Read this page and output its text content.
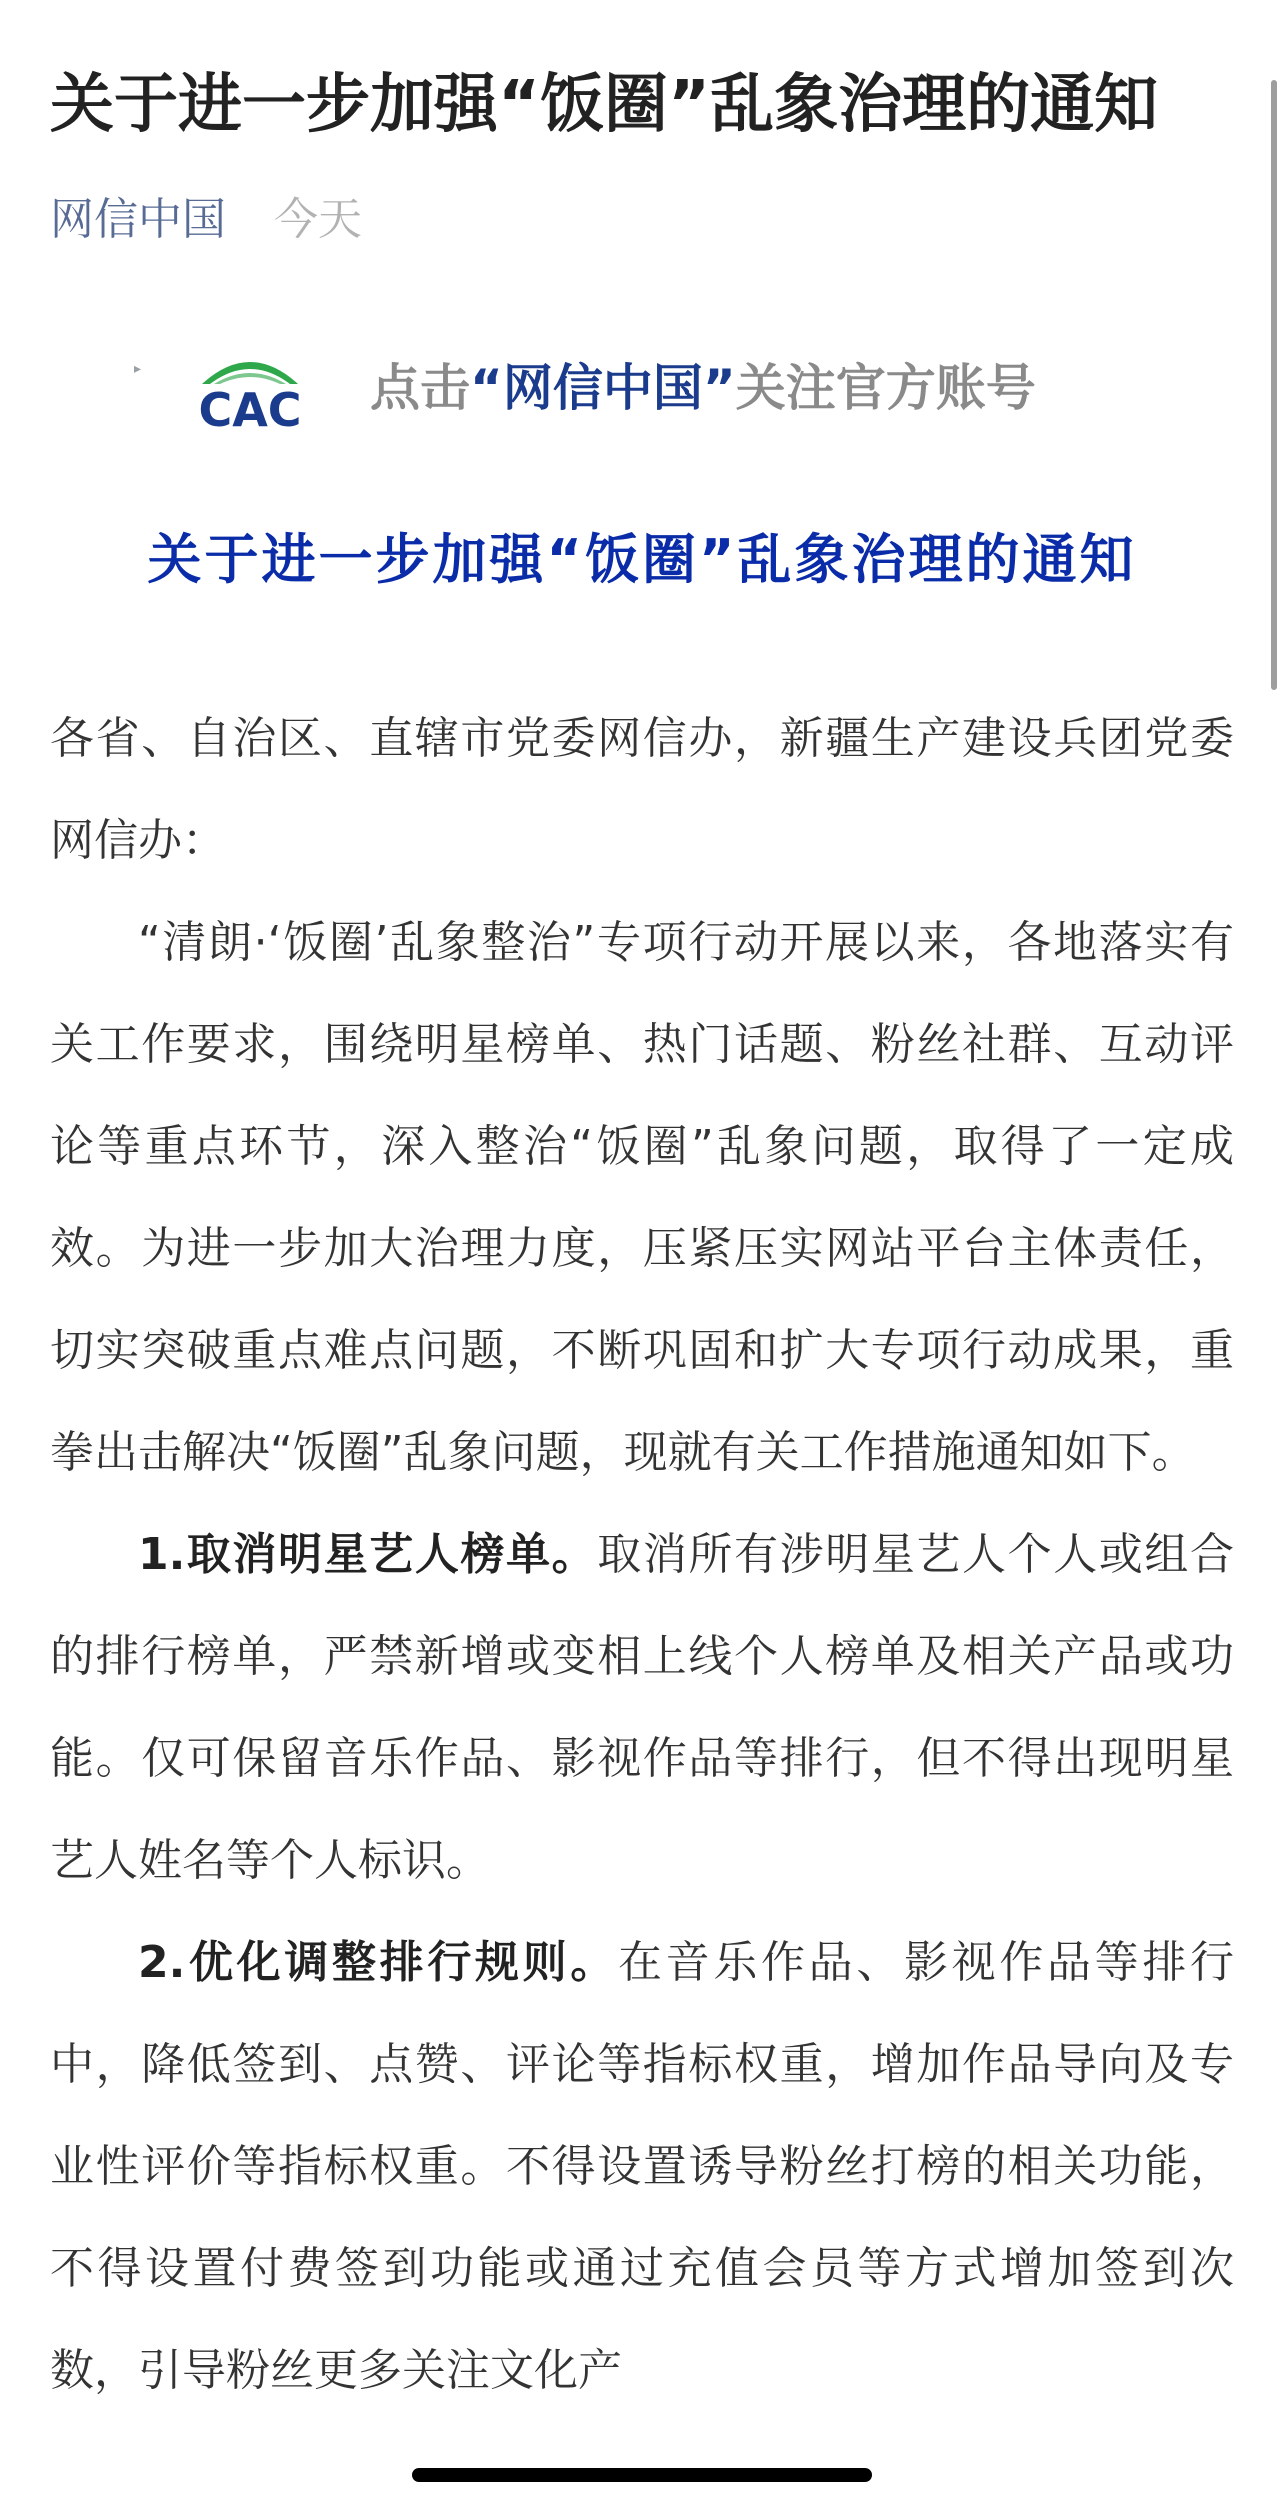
关于进一步加强“饭圈”乱象治理的通知
网信中国 今天
▸
CAC 点击“网信中国”关注官方账号
关于进一步加强“饭圈”乱象治理的通知

各省、自治区、直辖市党委网信办，新疆生产建设兵团党委网信办：

“清朗·‘饭圈’乱象整治”专项行动开展以来，各地落实有关工作要求，围绕明星榜单、热门话题、粉丝社群、互动评论等重点环节，深入整治“饭圈”乱象问题，取得了一定成效。为进一步加大治理力度，压紧压实网站平台主体责任，切实突破重点难点问题，不断巩固和扩大专项行动成果，重拳出击解决“饭圈”乱象问题，现就有关工作措施通知如下。

1.取消明星艺人榜单。取消所有涉明星艺人个人或组合的排行榜单，严禁新增或变相上线个人榜单及相关产品或功能。仅可保留音乐作品、影视作品等排行，但不得出现明星艺人姓名等个人标识。

2.优化调整排行规则。在音乐作品、影视作品等排行中，降低签到、点赞、评论等指标权重，增加作品导向及专业性评价等指标权重。不得设置诱导粉丝打榜的相关功能，不得设置付费签到功能或通过充值会员等方式增加签到次数，引导粉丝更多关注文化产
